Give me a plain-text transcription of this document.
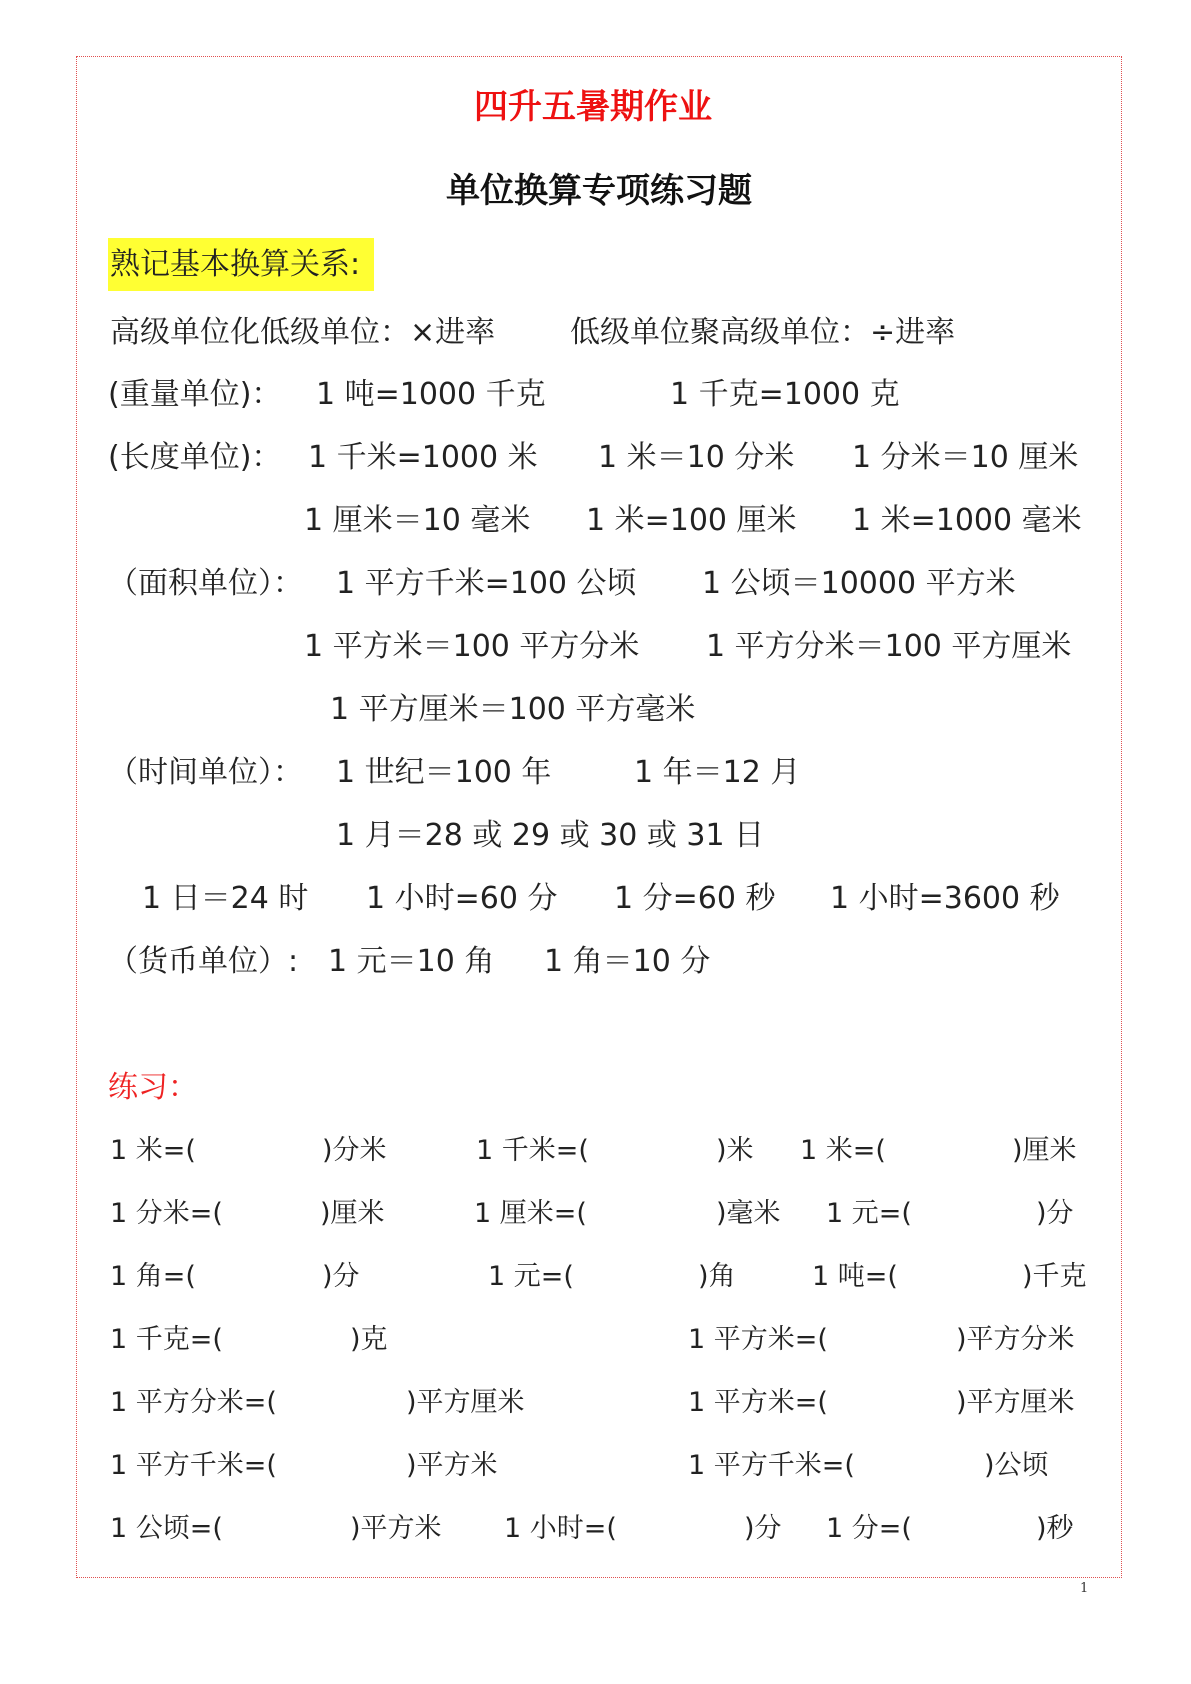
四升五暑期作业
单位换算专项练习题
熟记基本换算关系:
高级单位化低级单位：×进率 低级单位聚高级单位：÷进率
(重量单位)： 1 吨=1000 千克	1 千克=1000 克
(长度单位)： 1 千米=1000 米 1 米＝10 分米 1 分米＝10 厘米
1 厘米＝10 毫米 1 米=100 厘米 1 米=1000 毫米
（面积单位）： 1 平方千米=100 公顷 1 公顷＝10000 平方米
1 平方米＝100 平方分米 1 平方分米＝100 平方厘米
1 平方厘米＝100 平方毫米
（时间单位）： 1 世纪＝100 年	1 年＝12 月
1 月＝28 或 29 或 30 或 31 日
1 日＝24 时 1 小时=60 分 1 分=60 秒 1 小时=3600 秒
（货币单位）: 1 元＝10 角 1 角＝10 分
练习：
1 米=(	)分米	1 千米=(	)米 1 米=(	)厘米
1 分米=(	)厘米	1 厘米=(	)毫米 1 元=(	)分
1 角=(	)分	1 元=(	)角	1 吨=(	)千克
1 千克=(	)克	1 平方米=(	)平方分米
1 平方分米=(	)平方厘米	1 平方米=(	)平方厘米
1 平方千米=(	)平方米	1 平方千米=(	)公顷
1 公顷=(	)平方米 1 小时=(	)分 1 分=(	)秒
1
